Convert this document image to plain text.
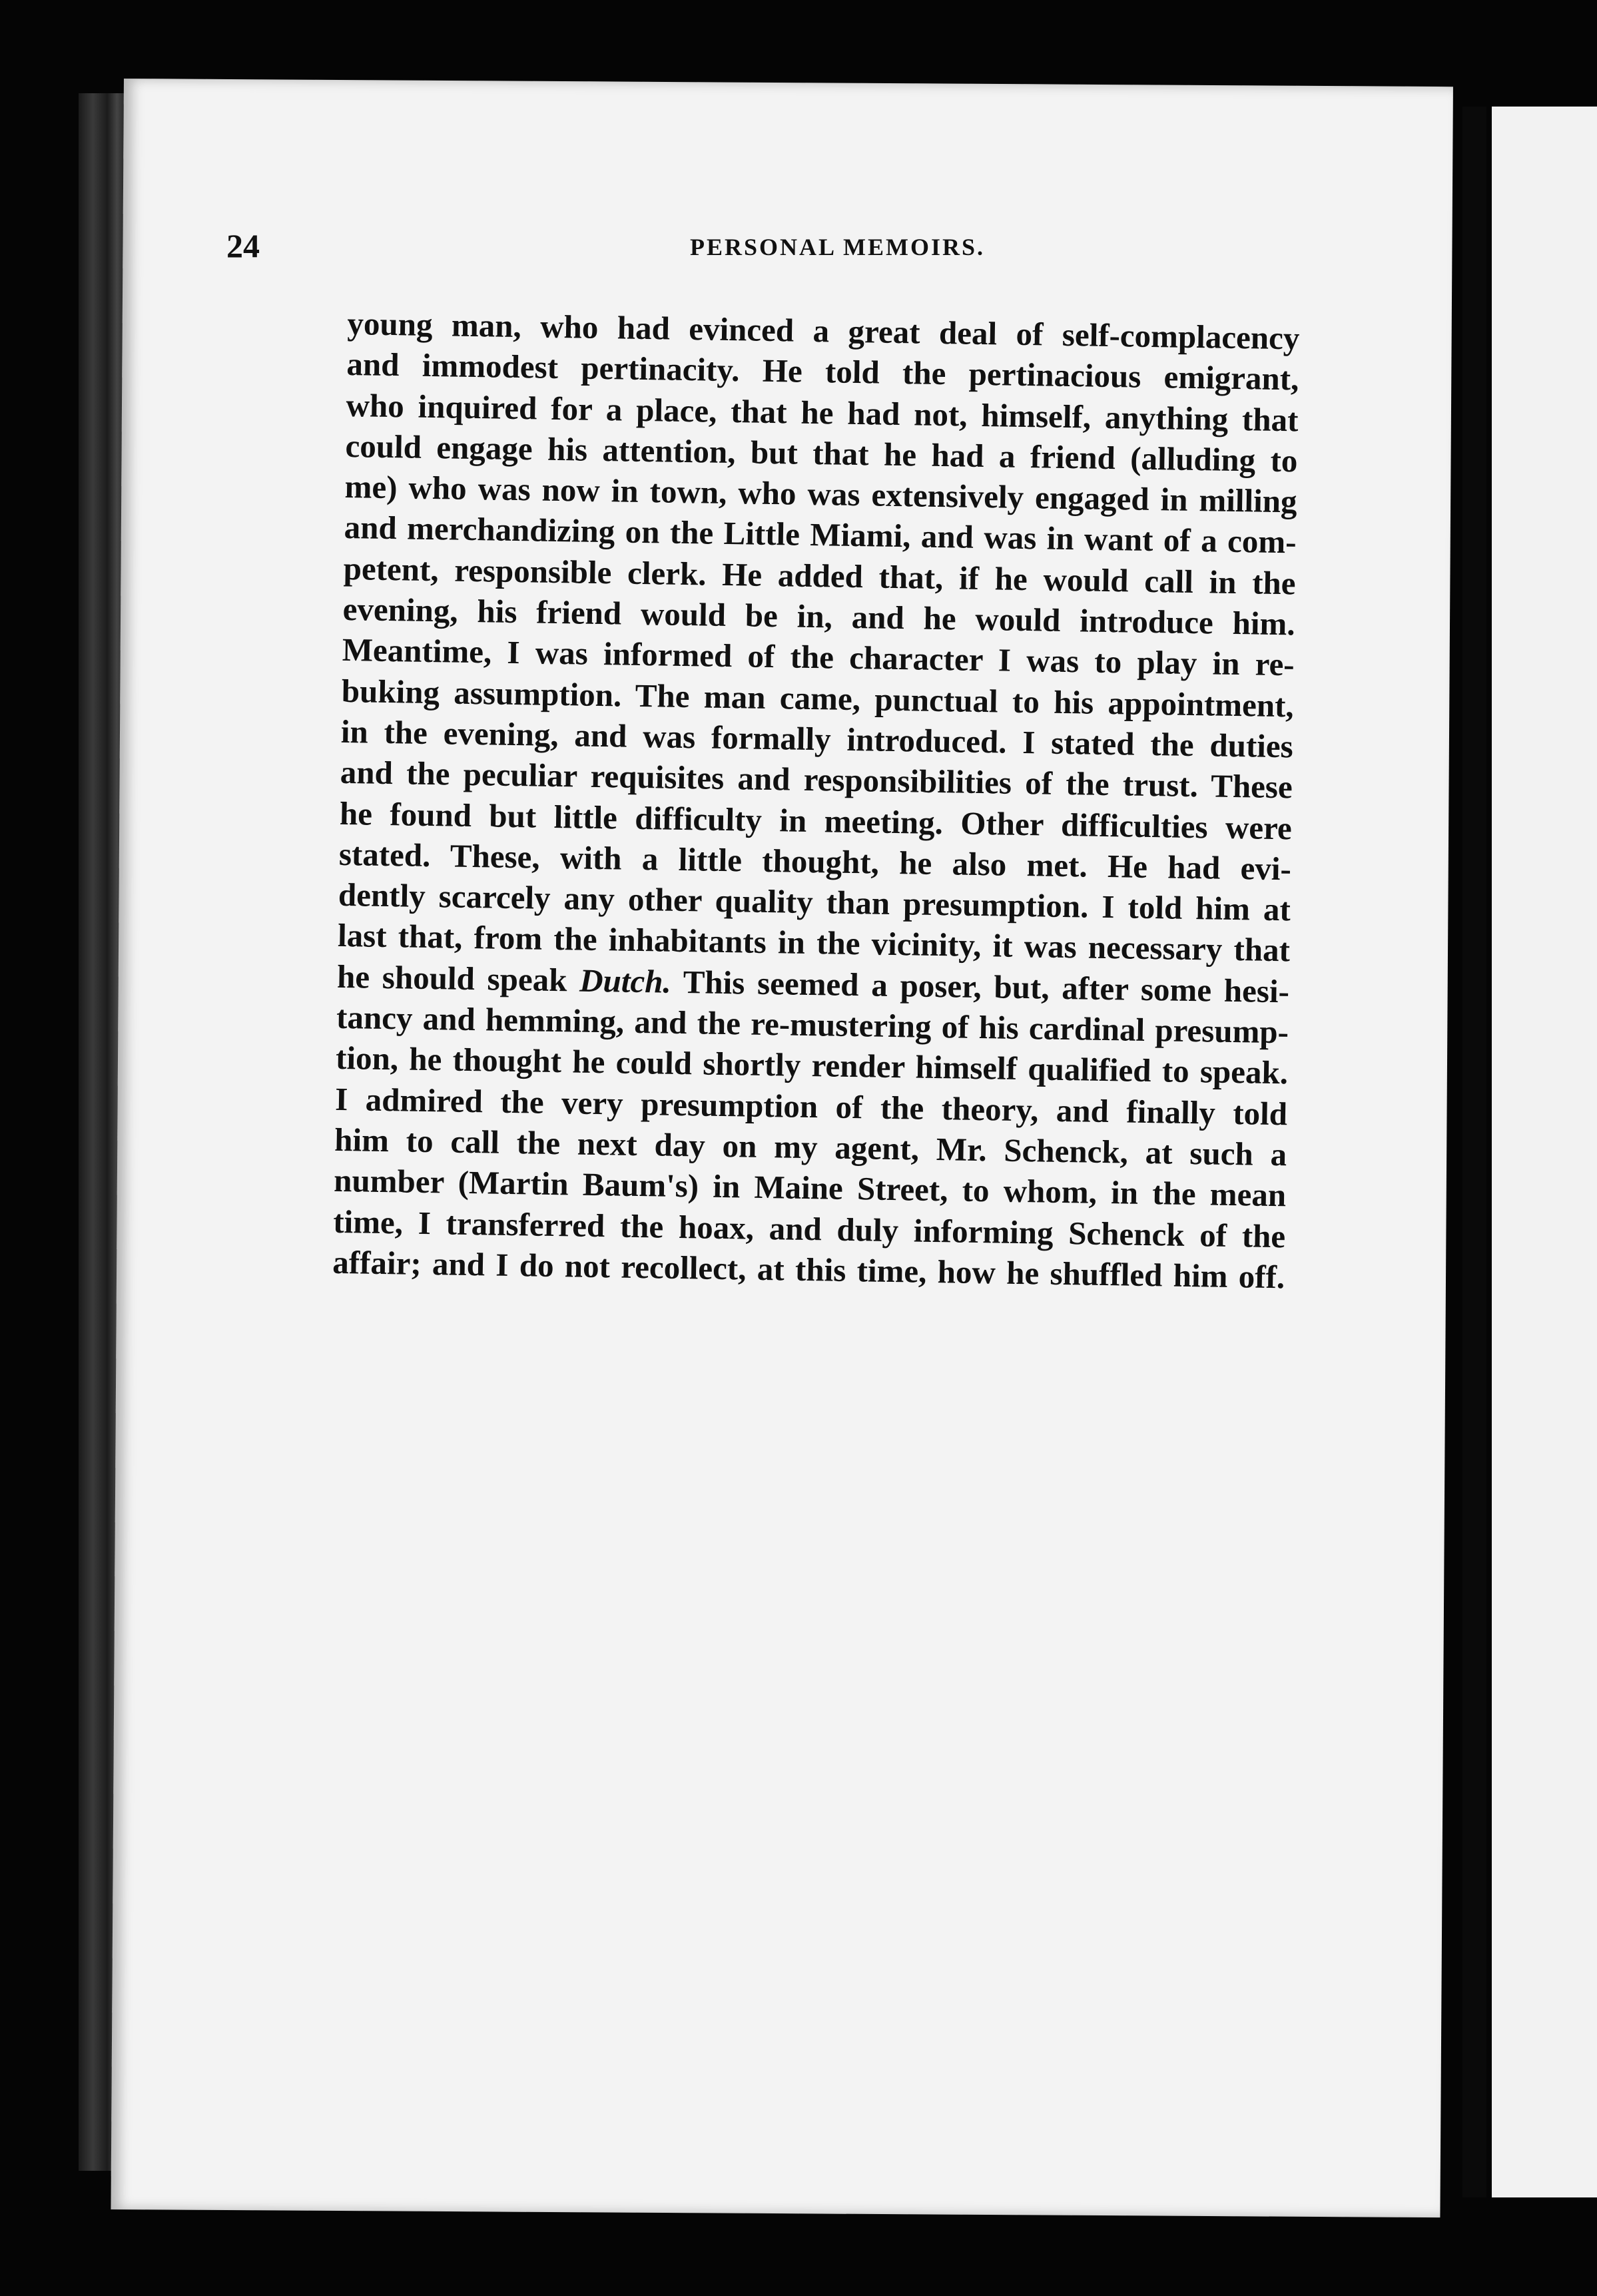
24	PERSONAL MEMOIRS.
young man, who had evinced a great deal of self-complacency
and immodest pertinacity. He told the pertinacious emigrant,
who inquired for a place, that he had not, himself, anything that
could engage his attention, but that he had a friend (alluding to
me) who was now in town, who was extensively engaged in milling
and merchandizing on the Little Miami, and was in want of a com-
petent, responsible clerk. He added that, if he would call in the
evening, his friend would be in, and he would introduce him.
Meantime, I was informed of the character I was to play in re-
buking assumption. The man came, punctual to his appointment,
in the evening, and was formally introduced. I stated the duties
and the peculiar requisites and responsibilities of the trust. These
he found but little difficulty in meeting. Other difficulties were
stated. These, with a little thought, he also met. He had evi-
dently scarcely any other quality than presumption. I told him at
last that, from the inhabitants in the vicinity, it was necessary that
he should speak Dutch. This seemed a poser, but, after some hesi-
tancy and hemming, and the re-mustering of his cardinal presump-
tion, he thought he could shortly render himself qualified to speak.
I admired the very presumption of the theory, and finally told
him to call the next day on my agent, Mr. Schenck, at such a
number (Martin Baum's) in Maine Street, to whom, in the mean
time, I transferred the hoax, and duly informing Schenck of the
affair; and I do not recollect, at this time, how he shuffled him off.
